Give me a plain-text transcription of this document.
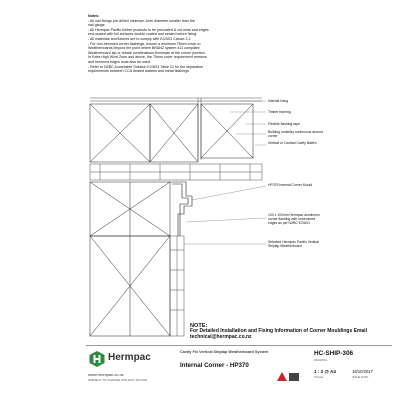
Notes:
- All nail fixings pre-drilled minimum 1mm diameter smaller than the
nail gauge.
- All Hermpac Pacific timber products to be precoated & cut ends and edges
end-sealed with full surfaces double coated and sealed before fixing.
- All materials and fixtures are to comply with E2/AS1 Clause 2.2
- For non-hemmed corner flashings, ensure a minimum 75mm cover to
Weatherboards beyond the point where BRANZ system 411 compliant
Weatherboard lap or rebate combinations terminate at the corner junction.
In Extra High Wind Zone and above, the 75mm cover requirement remains
and hemmed edges must also be used.
- Refer to NZBC Acceptable Solution E2/AS1 Table 21 for the separation
requirements between CCA treated battens and metal flashings.
Internal lining
Timber framing
Flexible flashing tape
Building underlay continuous around corner
Vertical or Cavibat Cavity Batten
HP375 Internal Corner Mould
100 x 100mm Hermpac aluminium corner flashing with unhemmed edges as per NZBC E2/AS1
Selected Hermpac Pacific Vertical Shiplap Weatherboard
NOTE:
For Detailed Installation and Fixing Information of Corner Mouldings Email technical@hermpac.co.nz
Hermpac
www.hermpac.co.nz
SUBJECT TO CHANGE WITHOUT NOTICE
Cavity Fix Vertical Shiplap Weatherboard System
Internal Corner - HP370
HC-SHIP-306
DRAWING
1 : 2 @ A4
SCALE
16/10/2017
ISSUE DATE
